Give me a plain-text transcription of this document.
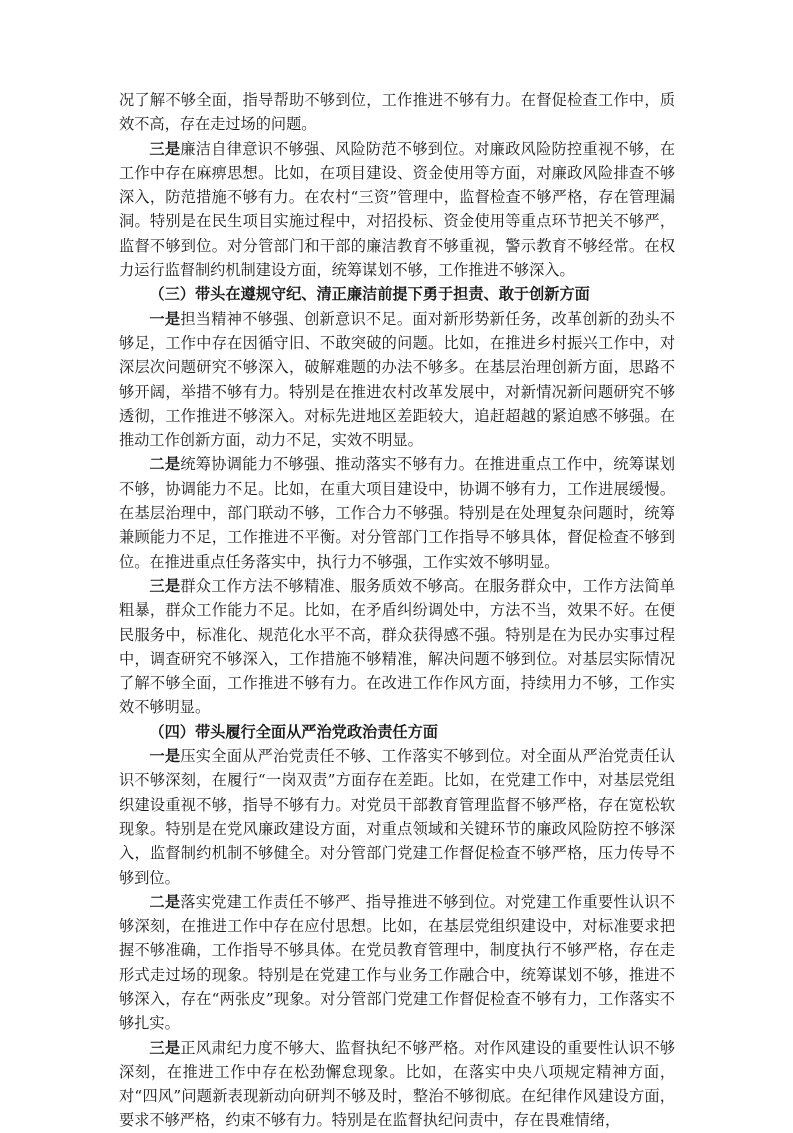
况了解不够全面，指导帮助不够到位，工作推进不够有力。在督促检查工作中，质效不高，存在走过场的问题。

三是廉洁自律意识不够强、风险防范不够到位。对廉政风险防控重视不够，在工作中存在麻痹思想。比如，在项目建设、资金使用等方面，对廉政风险排查不够深入，防范措施不够有力。在农村“三资”管理中，监督检查不够严格，存在管理漏洞。特别是在民生项目实施过程中，对招投标、资金使用等重点环节把关不够严，监督不够到位。对分管部门和干部的廉洁教育不够重视，警示教育不够经常。在权力运行监督制约机制建设方面，统筹谋划不够，工作推进不够深入。

（三）带头在遵规守纪、清正廉洁前提下勇于担责、敢于创新方面

一是担当精神不够强、创新意识不足。面对新形势新任务，改革创新的劲头不够足，工作中存在因循守旧、不敢突破的问题。比如，在推进乡村振兴工作中，对深层次问题研究不够深入，破解难题的办法不够多。在基层治理创新方面，思路不够开阔，举措不够有力。特别是在推进农村改革发展中，对新情况新问题研究不够透彻，工作推进不够深入。对标先进地区差距较大，追赶超越的紧迫感不够强。在推动工作创新方面，动力不足，实效不明显。

二是统筹协调能力不够强、推动落实不够有力。在推进重点工作中，统筹谋划不够，协调能力不足。比如，在重大项目建设中，协调不够有力，工作进展缓慢。在基层治理中，部门联动不够，工作合力不够强。特别是在处理复杂问题时，统筹兼顾能力不足，工作推进不平衡。对分管部门工作指导不够具体，督促检查不够到位。在推进重点任务落实中，执行力不够强，工作实效不够明显。

三是群众工作方法不够精准、服务质效不够高。在服务群众中，工作方法简单粗暴，群众工作能力不足。比如，在矛盾纠纷调处中，方法不当，效果不好。在便民服务中，标准化、规范化水平不高，群众获得感不强。特别是在为民办实事过程中，调查研究不够深入，工作措施不够精准，解决问题不够到位。对基层实际情况了解不够全面，工作推进不够有力。在改进工作作风方面，持续用力不够，工作实效不够明显。

（四）带头履行全面从严治党政治责任方面

一是压实全面从严治党责任不够、工作落实不够到位。对全面从严治党责任认识不够深刻，在履行“一岗双责”方面存在差距。比如，在党建工作中，对基层党组织建设重视不够，指导不够有力。对党员干部教育管理监督不够严格，存在宽松软现象。特别是在党风廉政建设方面，对重点领域和关键环节的廉政风险防控不够深入，监督制约机制不够健全。对分管部门党建工作督促检查不够严格，压力传导不够到位。

二是落实党建工作责任不够严、指导推进不够到位。对党建工作重要性认识不够深刻，在推进工作中存在应付思想。比如，在基层党组织建设中，对标准要求把握不够准确，工作指导不够具体。在党员教育管理中，制度执行不够严格，存在走形式走过场的现象。特别是在党建工作与业务工作融合中，统筹谋划不够，推进不够深入，存在“两张皮”现象。对分管部门党建工作督促检查不够有力，工作落实不够扎实。

三是正风肃纪力度不够大、监督执纪不够严格。对作风建设的重要性认识不够深刻，在推进工作中存在松劲懈怠现象。比如，在落实中央八项规定精神方面，对“四风”问题新表现新动向研判不够及时，整治不够彻底。在纪律作风建设方面，要求不够严格，约束不够有力。特别是在监督执纪问责中，存在畏难情绪，
